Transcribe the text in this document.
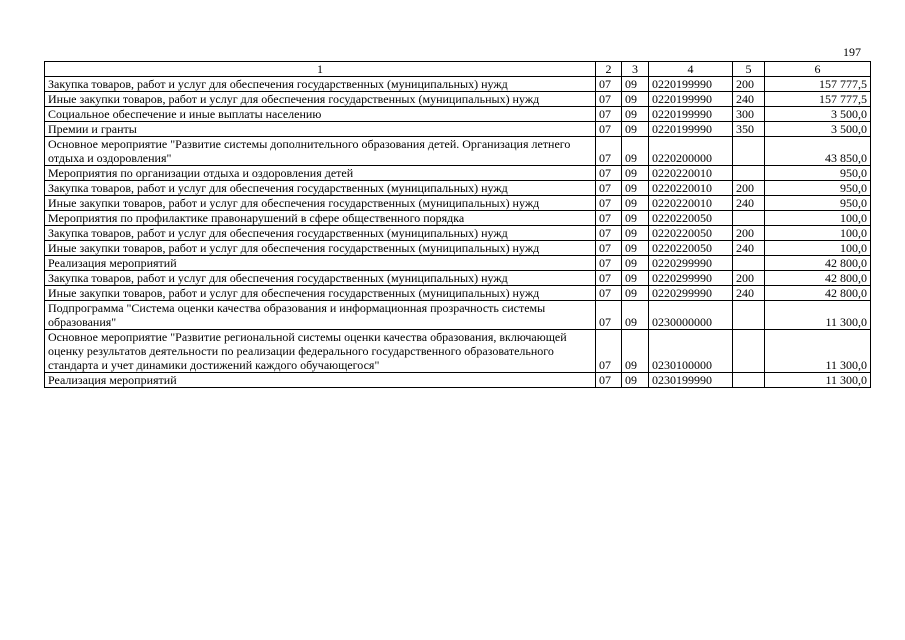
197
1	2	3	4	5	6
Закупка товаров, работ и услуг для обеспечения государственных (муниципальных) нужд	07	09	0220199990	200	157 777,5
Иные закупки товаров, работ и услуг для обеспечения государственных (муниципальных) нужд	07	09	0220199990	240	157 777,5
Социальное обеспечение и иные выплаты населению	07	09	0220199990	300	3 500,0
Премии и гранты	07	09	0220199990	350	3 500,0
Основное мероприятие "Развитие системы дополнительного образования детей. Организация летнего отдыха и оздоровления"	07	09	0220200000		43 850,0
Мероприятия по организации отдыха и оздоровления детей	07	09	0220220010		950,0
Закупка товаров, работ и услуг для обеспечения государственных (муниципальных) нужд	07	09	0220220010	200	950,0
Иные закупки товаров, работ и услуг для обеспечения государственных (муниципальных) нужд	07	09	0220220010	240	950,0
Мероприятия по профилактике правонарушений в сфере общественного порядка	07	09	0220220050		100,0
Закупка товаров, работ и услуг для обеспечения государственных (муниципальных) нужд	07	09	0220220050	200	100,0
Иные закупки товаров, работ и услуг для обеспечения государственных (муниципальных) нужд	07	09	0220220050	240	100,0
Реализация мероприятий	07	09	0220299990		42 800,0
Закупка товаров, работ и услуг для обеспечения государственных (муниципальных) нужд	07	09	0220299990	200	42 800,0
Иные закупки товаров, работ и услуг для обеспечения государственных (муниципальных) нужд	07	09	0220299990	240	42 800,0
Подпрограмма "Система оценки качества образования и информационная прозрачность системы образования"	07	09	0230000000		11 300,0
Основное мероприятие "Развитие региональной системы оценки качества образования, включающей оценку результатов деятельности по реализации федерального государственного образовательного стандарта и учет динамики достижений каждого обучающегося"	07	09	0230100000		11 300,0
Реализация мероприятий	07	09	0230199990		11 300,0
